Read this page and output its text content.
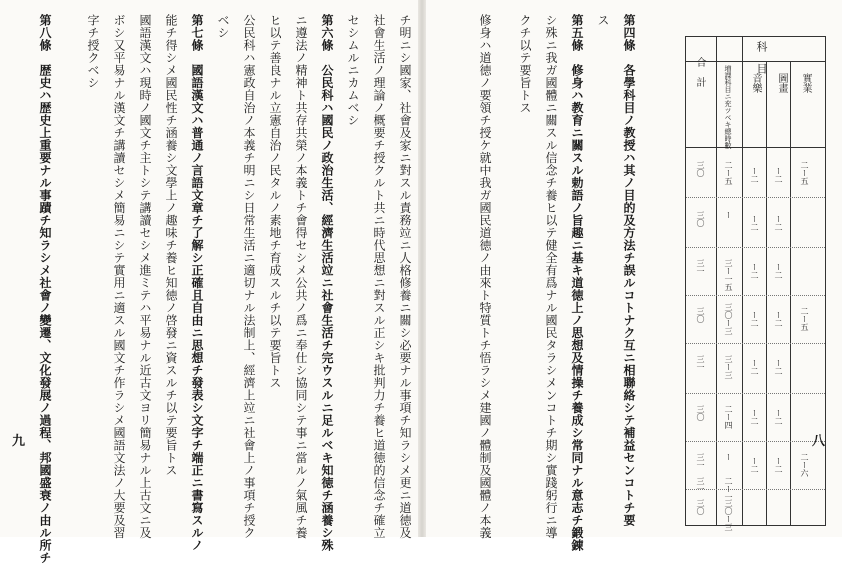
チ明ニシ國家、社會及家ニ對スル責務竝ニ人格修養ニ關シ必要ナル事項チ知ラシメ更ニ道徳及
社會生活ノ理論ノ概要チ授クルト共ニ時代思想ニ對スル正シキ批判力チ養ヒ道徳的信念チ確立
セシムルニカムベシ
第六條　公民科ハ國民ノ政治生活、經濟生活竝ニ社會生活チ完ウスルニ足ルベキ知徳チ涵養シ殊
ニ遵法ノ精神ト共存共榮ノ本義トチ會得セシメ公共ノ爲ニ奉仕シ協同シテ事ニ當ルノ氣風チ養
ヒ以テ善良ナル立憲自治ノ民タルノ素地チ育成スルチ以テ要旨トス
公民科ハ憲政自治ノ本義チ明ニシ日常生活ニ適切ナル法制上、經濟上竝ニ社會上ノ事項チ授ク
ベシ
第七條　國語漢文ハ普通ノ言語文章チ了解シ正確且自由ニ思想チ發表シ文字チ端正ニ書寫スルノ
能チ得シメ國民性チ涵養シ文學上ノ趣味チ養ヒ知徳ノ啓發ニ資スルチ以テ要旨トス
國語漢文ハ現時ノ國文チ主トシテ講讀セシメ進ミテハ平易ナル近古文ヨリ簡易ナル上古文ニ及
ボシ又平易ナル漢文チ講讀セシメ簡易ニシテ實用ニ適スル國文チ作ラシメ國語文法ノ大要及習
字チ授クベシ
第八條　歴史ハ歴史上重要ナル事蹟チ知ラシメ社會ノ變遷、文化發展ノ過程、邦國盛衰ノ由ル所チ
九	第四條　各學科目ノ教授ハ其ノ目的及方法チ誤ルコトナク互ニ相聯絡シテ補益センコトチ要
ス
第五條　修身ハ教育ニ關スル勅語ノ旨趣ニ基キ道徳上ノ思想及情操チ養成シ常同ナル意志チ鍛錬
シ殊ニ我ガ國體ニ關スル信念チ養ヒ以テ健全有爲ナル國民タラシメンコトチ期シ實踐躬行ニ導
クチ以テ要旨トス
修身ハ道徳ノ要領チ授ケ就中我ガ國民道徳ノ由來ト特質トチ悟ラシメ建國ノ體制及國體ノ本義	八
科　目
實業
圖畫
音樂
増課科目ニ充ツベキ總時數
合　計
三〇
三〇
三一
三〇
三一
三〇
三一
三一
三〇
二ー五
ー
三ー一五
三〇ー三
三ー三
二ー四
ー
二ー一
三〇ー三
ー二
ー二
ー二
ー二
ー二
ー二
ー二
ー二
ー二
ー二
ー二
ー二
ー二
ー二
二ー五
二ー五
二ー六
